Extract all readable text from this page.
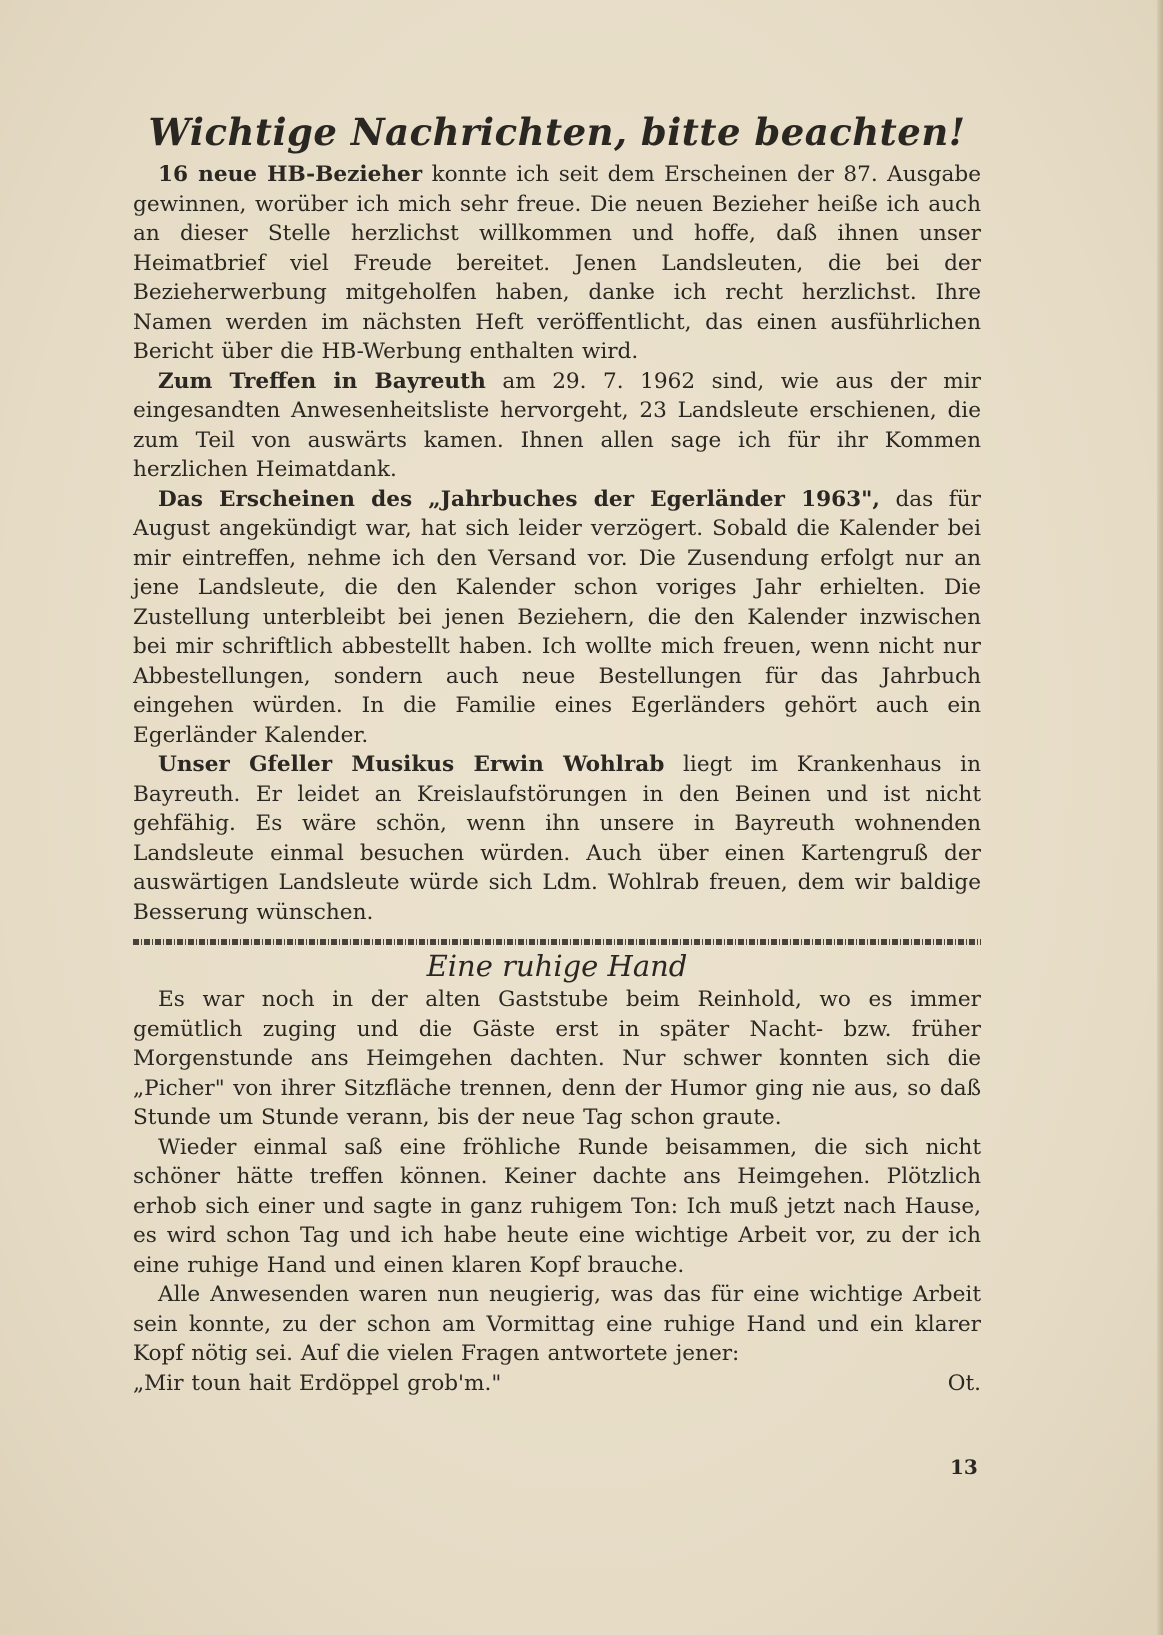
Wichtige Nachrichten, bitte beachten!

16 neue HB-Bezieher konnte ich seit dem Erscheinen der 87. Ausgabe gewinnen, worüber ich mich sehr freue. Die neuen Bezieher heiße ich auch an dieser Stelle herzlichst willkommen und hoffe, daß ihnen unser Heimatbrief viel Freude bereitet. Jenen Landsleuten, die bei der Bezieherwerbung mitgeholfen haben, danke ich recht herzlichst. Ihre Namen werden im nächsten Heft veröffentlicht, das einen ausführlichen Bericht über die HB-Werbung enthalten wird.

Zum Treffen in Bayreuth am 29. 7. 1962 sind, wie aus der mir eingesandten Anwesenheitsliste hervorgeht, 23 Landsleute erschienen, die zum Teil von auswärts kamen. Ihnen allen sage ich für ihr Kommen herzlichen Heimatdank.

Das Erscheinen des „Jahrbuches der Egerländer 1963", das für August angekündigt war, hat sich leider verzögert. Sobald die Kalender bei mir eintreffen, nehme ich den Versand vor. Die Zusendung erfolgt nur an jene Landsleute, die den Kalender schon voriges Jahr erhielten. Die Zustellung unterbleibt bei jenen Beziehern, die den Kalender inzwischen bei mir schriftlich abbestellt haben. Ich wollte mich freuen, wenn nicht nur Abbestellungen, sondern auch neue Bestellungen für das Jahrbuch eingehen würden. In die Familie eines Egerländers gehört auch ein Egerländer Kalender.

Unser Gfeller Musikus Erwin Wohlrab liegt im Krankenhaus in Bayreuth. Er leidet an Kreislaufstörungen in den Beinen und ist nicht gehfähig. Es wäre schön, wenn ihn unsere in Bayreuth wohnenden Landsleute einmal besuchen würden. Auch über einen Kartengruß der auswärtigen Landsleute würde sich Ldm. Wohlrab freuen, dem wir baldige Besserung wünschen.

Eine ruhige Hand

Es war noch in der alten Gaststube beim Reinhold, wo es immer gemütlich zuging und die Gäste erst in später Nacht- bzw. früher Morgenstunde ans Heimgehen dachten. Nur schwer konnten sich die „Picher" von ihrer Sitzfläche trennen, denn der Humor ging nie aus, so daß Stunde um Stunde verann, bis der neue Tag schon graute.

Wieder einmal saß eine fröhliche Runde beisammen, die sich nicht schöner hätte treffen können. Keiner dachte ans Heimgehen. Plötzlich erhob sich einer und sagte in ganz ruhigem Ton: Ich muß jetzt nach Hause, es wird schon Tag und ich habe heute eine wichtige Arbeit vor, zu der ich eine ruhige Hand und einen klaren Kopf brauche.

Alle Anwesenden waren nun neugierig, was das für eine wichtige Arbeit sein konnte, zu der schon am Vormittag eine ruhige Hand und ein klarer Kopf nötig sei. Auf die vielen Fragen antwortete jener:

„Mir toun hait Erdöppel grob'm."	Ot.

13
